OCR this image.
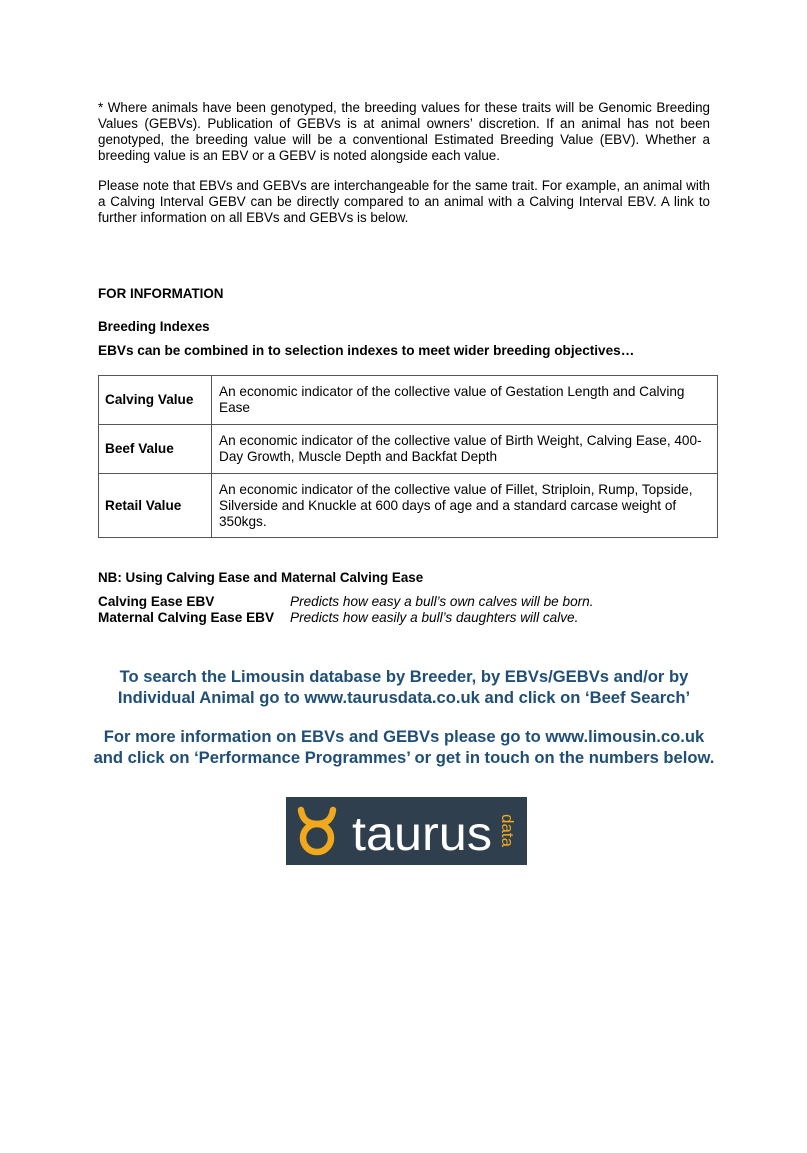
* Where animals have been genotyped, the breeding values for these traits will be Genomic Breeding Values (GEBVs). Publication of GEBVs is at animal owners’ discretion. If an animal has not been genotyped, the breeding value will be a conventional Estimated Breeding Value (EBV). Whether a breeding value is an EBV or a GEBV is noted alongside each value.

Please note that EBVs and GEBVs are interchangeable for the same trait. For example, an animal with a Calving Interval GEBV can be directly compared to an animal with a Calving Interval EBV. A link to further information on all EBVs and GEBVs is below.

FOR INFORMATION

Breeding Indexes

EBVs can be combined in to selection indexes to meet wider breeding objectives…

Calving Value	An economic indicator of the collective value of Gestation Length and Calving Ease
Beef Value	An economic indicator of the collective value of Birth Weight, Calving Ease, 400-Day Growth, Muscle Depth and Backfat Depth
Retail Value	An economic indicator of the collective value of Fillet, Striploin, Rump, Topside, Silverside and Knuckle at 600 days of age and a standard carcase weight of 350kgs.

NB: Using Calving Ease and Maternal Calving Ease

Calving Ease EBV	Predicts how easy a bull’s own calves will be born.
Maternal Calving Ease EBV Predicts how easily a bull’s daughters will calve.
To search the Limousin database by Breeder, by EBVs/GEBVs and/or by
Individual Animal go to www.taurusdata.co.uk and click on ‘Beef Search’
For more information on EBVs and GEBVs please go to www.limousin.co.uk
and click on ‘Performance Programmes’ or get in touch on the numbers below.
taurus data
